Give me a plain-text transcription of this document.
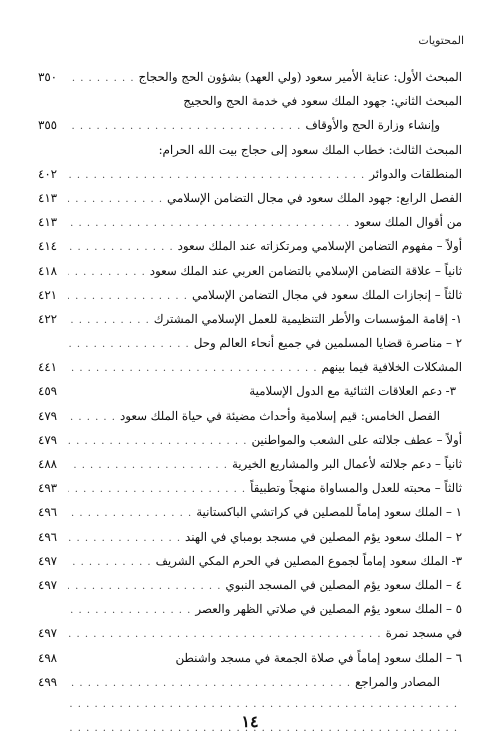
المحتويات
المبحث الأول: عناية الأمير سعود (ولي العهد) بشؤون الحج والحجاج
. . .
٣٥٠
المبحث الثاني: جهود الملك سعود في خدمة الحج والحجيج
وإنشاء وزارة الحج والأوقاف
. . .
٣٥٥
المبحث الثالث: خطاب الملك سعود إلى حجاج بيت الله الحرام:
المنطلقات والدوائر
. . .
٤٠٢
الفصل الرابع: جهود الملك سعود في مجال التضامن الإسلامي
. . .
٤١٣
من أقوال الملك سعود
. . .
٤١٣
أولاً – مفهوم التضامن الإسلامي ومرتكزاته عند الملك سعود
. . .
٤١٤
ثانياً – علاقة التضامن الإسلامي بالتضامن العربي عند الملك سعود
. . .
٤١٨
ثالثاً – إنجازات الملك سعود في مجال التضامن الإسلامي
. . .
٤٢١
١- إقامة المؤسسات والأطر التنظيمية للعمل الإسلامي المشترك
. . .
٤٢٢
٢ – مناصرة قضايا المسلمين في جميع أنحاء العالم وحل
. . .
المشكلات الخلافية فيما بينهم
. . .
٤٤١
٣- دعم العلاقات الثنائية مع الدول الإسلامية
٤٥٩
الفصل الخامس: قيم إسلامية وأحداث مضيئة في حياة الملك سعود
. . .
٤٧٩
أولاً – عطف جلالته على الشعب والمواطنين
. . .
٤٧٩
ثانياً – دعم جلالته لأعمال البر والمشاريع الخيرية
. . .
٤٨٨
ثالثاً – محبته للعدل والمساواة منهجاً وتطبيقاً
. . .
٤٩٣
١ – الملك سعود إماماً للمصلين في كراتشي الباكستانية
. . .
٤٩٦
٢ – الملك سعود يؤم المصلين في مسجد بومباي في الهند
. . .
٤٩٦
٣- الملك سعود إماماً لجموع المصلين في الحرم المكي الشريف
. . .
٤٩٧
٤ – الملك سعود يؤم المصلين في المسجد النبوي
. . .
٤٩٧
٥ – الملك سعود يؤم المصلين في صلاتي الظهر والعصر
. . .
في مسجد نمرة
. . .
٤٩٧
٦ – الملك سعود إماماً في صلاة الجمعة في مسجد واشنطن
٤٩٨
المصادر والمراجع
. . .
٤٩٩
. . .
. . .
١٤
